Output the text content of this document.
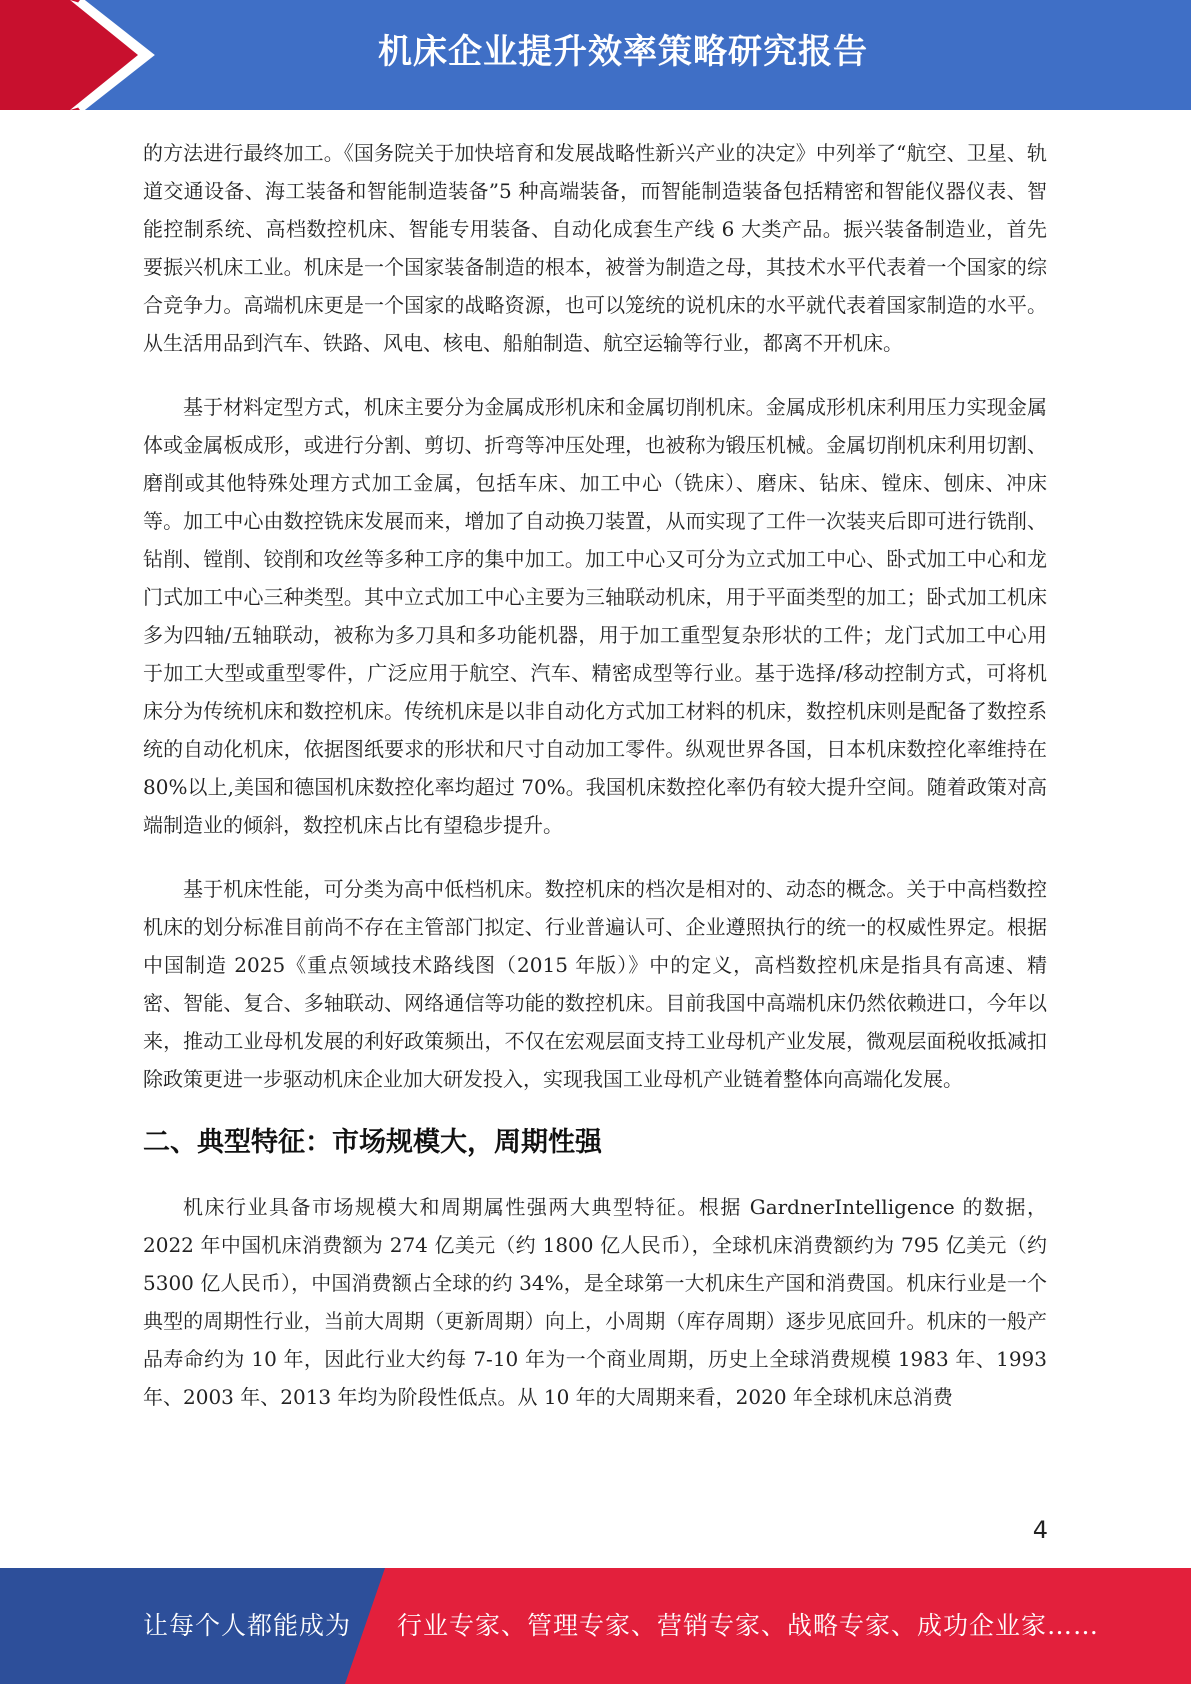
机床企业提升效率策略研究报告

的方法进行最终加工。《国务院关于加快培育和发展战略性新兴产业的决定》中列举了“航空、卫星、轨道交通设备、海工装备和智能制造装备”5 种高端装备，而智能制造装备包括精密和智能仪器仪表、智能控制系统、高档数控机床、智能专用装备、自动化成套生产线 6 大类产品。振兴装备制造业，首先要振兴机床工业。机床是一个国家装备制造的根本，被誉为制造之母，其技术水平代表着一个国家的综合竞争力。高端机床更是一个国家的战略资源，也可以笼统的说机床的水平就代表着国家制造的水平。从生活用品到汽车、铁路、风电、核电、船舶制造、航空运输等行业，都离不开机床。

基于材料定型方式，机床主要分为金属成形机床和金属切削机床。金属成形机床利用压力实现金属体或金属板成形，或进行分割、剪切、折弯等冲压处理，也被称为锻压机械。金属切削机床利用切割、磨削或其他特殊处理方式加工金属，包括车床、加工中心（铣床）、磨床、钻床、镗床、刨床、冲床等。加工中心由数控铣床发展而来，增加了自动换刀装置，从而实现了工件一次装夹后即可进行铣削、钻削、镗削、铰削和攻丝等多种工序的集中加工。加工中心又可分为立式加工中心、卧式加工中心和龙门式加工中心三种类型。其中立式加工中心主要为三轴联动机床，用于平面类型的加工；卧式加工机床多为四轴/五轴联动，被称为多刀具和多功能机器，用于加工重型复杂形状的工件；龙门式加工中心用于加工大型或重型零件，广泛应用于航空、汽车、精密成型等行业。基于选择/移动控制方式，可将机床分为传统机床和数控机床。传统机床是以非自动化方式加工材料的机床，数控机床则是配备了数控系统的自动化机床，依据图纸要求的形状和尺寸自动加工零件。纵观世界各国，日本机床数控化率维持在 80%以上,美国和德国机床数控化率均超过 70%。我国机床数控化率仍有较大提升空间。随着政策对高端制造业的倾斜，数控机床占比有望稳步提升。

基于机床性能，可分类为高中低档机床。数控机床的档次是相对的、动态的概念。关于中高档数控机床的划分标准目前尚不存在主管部门拟定、行业普遍认可、企业遵照执行的统一的权威性界定。根据中国制造 2025《重点领域技术路线图（2015 年版）》中的定义，高档数控机床是指具有高速、精密、智能、复合、多轴联动、网络通信等功能的数控机床。目前我国中高端机床仍然依赖进口，今年以来，推动工业母机发展的利好政策频出，不仅在宏观层面支持工业母机产业发展，微观层面税收抵减扣除政策更进一步驱动机床企业加大研发投入，实现我国工业母机产业链着整体向高端化发展。

二、典型特征：市场规模大，周期性强

机床行业具备市场规模大和周期属性强两大典型特征。根据 GardnerIntelligence 的数据，2022 年中国机床消费额为 274 亿美元（约 1800 亿人民币），全球机床消费额约为 795 亿美元（约 5300 亿人民币），中国消费额占全球的约 34%，是全球第一大机床生产国和消费国。机床行业是一个典型的周期性行业，当前大周期（更新周期）向上，小周期（库存周期）逐步见底回升。机床的一般产品寿命约为 10 年，因此行业大约每 7-10 年为一个商业周期，历史上全球消费规模 1983 年、1993 年、2003 年、2013 年均为阶段性低点。从 10 年的大周期来看，2020 年全球机床总消费

4
让每个人都能成为 行业专家、管理专家、营销专家、战略专家、成功企业家……
